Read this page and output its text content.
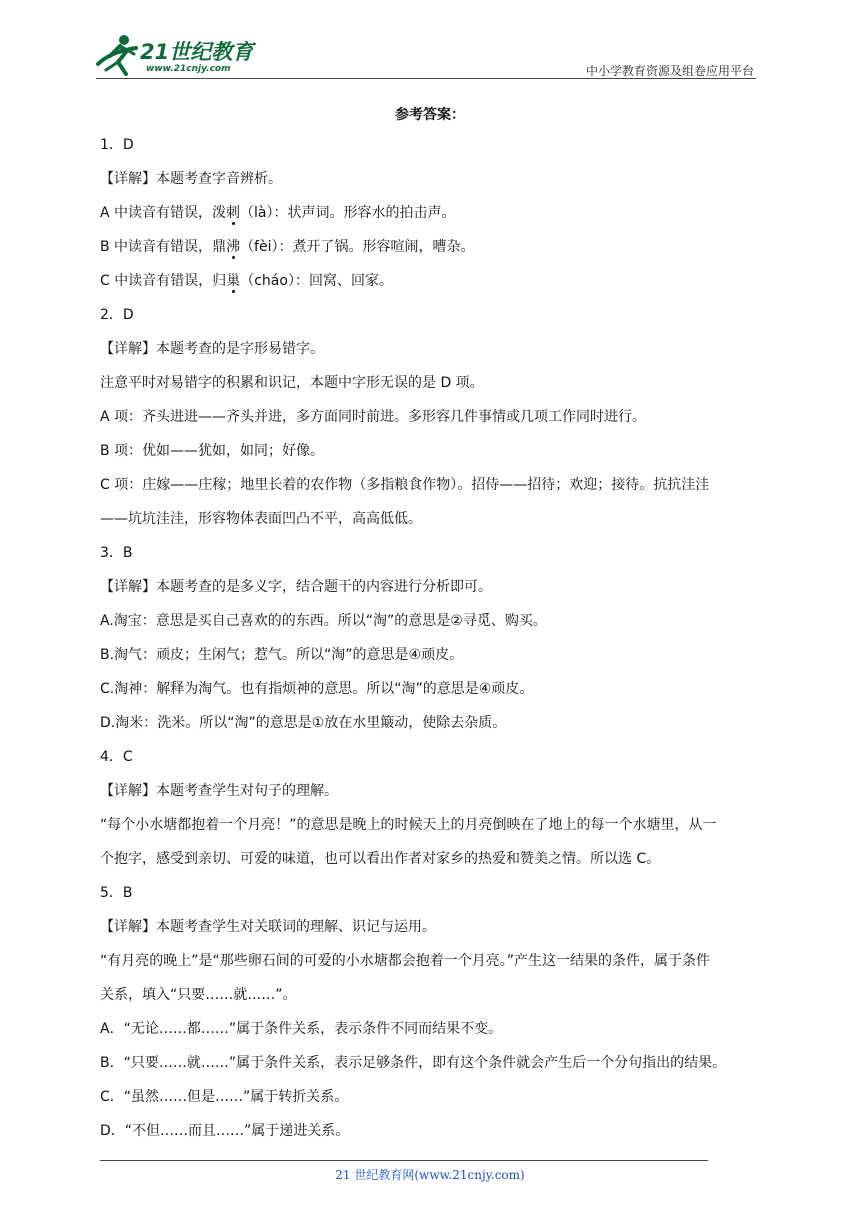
21世纪教育
www.21cnjy.com	中小学教育资源及组卷应用平台
参考答案：
1．D
【详解】本题考查字音辨析。
A 中读音有错误，泼刺（là）：状声词。形容水的拍击声。
B 中读音有错误，鼎沸（fèi）：煮开了锅。形容喧闹，嘈杂。
C 中读音有错误，归巢（cháo）：回窝、回家。
2．D
【详解】本题考查的是字形易错字。
注意平时对易错字的积累和识记，本题中字形无误的是 D 项。
A 项：齐头进进——齐头并进，多方面同时前进。多形容几件事情或几项工作同时进行。
B 项：优如——犹如，如同；好像。
C 项：庄嫁——庄稼；地里长着的农作物（多指粮食作物）。招侍——招待；欢迎；接待。抗抗洼洼
——坑坑洼洼，形容物体表面凹凸不平，高高低低。
3．B
【详解】本题考查的是多义字，结合题干的内容进行分析即可。
A.淘宝：意思是买自己喜欢的的东西。所以“淘”的意思是②寻觅、购买。
B.淘气：顽皮；生闲气；惹气。所以“淘”的意思是④顽皮。
C.淘神：解释为淘气。也有指烦神的意思。所以“淘”的意思是④顽皮。
D.淘米：洗米。所以“淘”的意思是①放在水里簸动，使除去杂质。
4．C
【详解】本题考查学生对句子的理解。
“每个小水塘都抱着一个月亮！”的意思是晚上的时候天上的月亮倒映在了地上的每一个水塘里，从一
个抱字，感受到亲切、可爱的味道，也可以看出作者对家乡的热爱和赞美之情。所以选 C。
5．B
【详解】本题考查学生对关联词的理解、识记与运用。
“有月亮的晚上”是“那些卵石间的可爱的小水塘都会抱着一个月亮。”产生这一结果的条件，属于条件
关系，填入“只要……就……”。
A．“无论……都……”属于条件关系，表示条件不同而结果不变。
B．“只要……就……”属于条件关系，表示足够条件，即有这个条件就会产生后一个分句指出的结果。
C．“虽然……但是……”属于转折关系。
D．“不但……而且……”属于递进关系。
21 世纪教育网(www.21cnjy.com)
